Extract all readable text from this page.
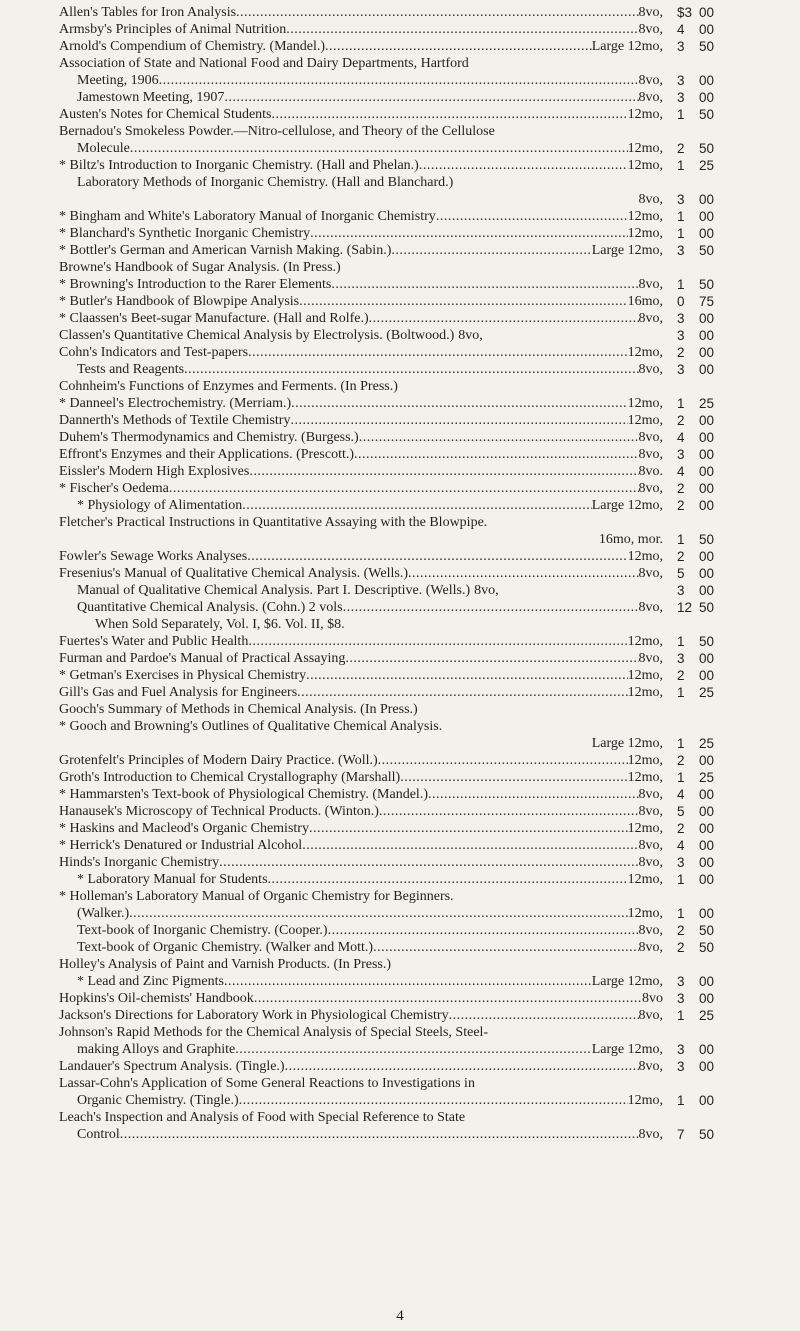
Allen's Tables for Iron Analysis .....	8vo, $3 00
Armsby's Principles of Animal Nutrition .....	8vo, 4 00
Arnold's Compendium of Chemistry. (Mandel.) .....	Large 12mo, 3 50
Association of State and National Food and Dairy Departments, Hartford
Meeting, 1906 .....	8vo, 3 00
Jamestown Meeting, 1907 .....	8vo, 3 00
Austen's Notes for Chemical Students .....	12mo, 1 50
Bernadou's Smokeless Powder.—Nitro-cellulose, and Theory of the Cellulose
Molecule .....	12mo, 2 50
* Biltz's Introduction to Inorganic Chemistry. (Hall and Phelan.) .....	12mo, 1 25
Laboratory Methods of Inorganic Chemistry. (Hall and Blanchard.)
8vo, 3 00
* Bingham and White's Laboratory Manual of Inorganic Chemistry .....	12mo, 1 00
* Blanchard's Synthetic Inorganic Chemistry .....	12mo, 1 00
* Bottler's German and American Varnish Making. (Sabin.) .....	Large 12mo, 3 50
Browne's Handbook of Sugar Analysis. (In Press.)
* Browning's Introduction to the Rarer Elements .....	8vo, 1 50
* Butler's Handbook of Blowpipe Analysis .....	16mo, 0 75
* Claassen's Beet-sugar Manufacture. (Hall and Rolfe.) .....	8vo, 3 00
Classen's Quantitative Chemical Analysis by Electrolysis. (Boltwood.) 8vo,	3 00
Cohn's Indicators and Test-papers .....	12mo, 2 00
Tests and Reagents .....	8vo, 3 00
Cohnheim's Functions of Enzymes and Ferments. (In Press.)
* Danneel's Electrochemistry. (Merriam.) .....	12mo, 1 25
Dannerth's Methods of Textile Chemistry .....	12mo, 2 00
Duhem's Thermodynamics and Chemistry. (Burgess.) .....	8vo, 4 00
Effront's Enzymes and their Applications. (Prescott.) .....	8vo, 3 00
Eissler's Modern High Explosives .....	8vo. 4 00
* Fischer's Oedema .....	8vo, 2 00
* Physiology of Alimentation .....	Large 12mo, 2 00
Fletcher's Practical Instructions in Quantitative Assaying with the Blowpipe.
16mo, mor. 1 50
Fowler's Sewage Works Analyses .....	12mo, 2 00
Fresenius's Manual of Qualitative Chemical Analysis. (Wells.) .....	8vo, 5 00
Manual of Qualitative Chemical Analysis. Part I. Descriptive. (Wells.) 8vo,	3 00
Quantitative Chemical Analysis. (Cohn.) 2 vols .....	8vo, 12 50
When Sold Separately, Vol. I, $6. Vol. II, $8.
Fuertes's Water and Public Health .....	12mo, 1 50
Furman and Pardoe's Manual of Practical Assaying .....	8vo, 3 00
* Getman's Exercises in Physical Chemistry .....	12mo, 2 00
Gill's Gas and Fuel Analysis for Engineers .....	12mo, 1 25
Gooch's Summary of Methods in Chemical Analysis. (In Press.)
* Gooch and Browning's Outlines of Qualitative Chemical Analysis.
Large 12mo, 1 25
Grotenfelt's Principles of Modern Dairy Practice. (Woll.) .....	12mo, 2 00
Groth's Introduction to Chemical Crystallography (Marshall) .....	12mo, 1 25
* Hammarsten's Text-book of Physiological Chemistry. (Mandel.) .....	8vo, 4 00
Hanausek's Microscopy of Technical Products. (Winton.) .....	8vo, 5 00
* Haskins and Macleod's Organic Chemistry .....	12mo, 2 00
* Herrick's Denatured or Industrial Alcohol .....	8vo, 4 00
Hinds's Inorganic Chemistry .....	8vo, 3 00
* Laboratory Manual for Students .....	12mo, 1 00
* Holleman's Laboratory Manual of Organic Chemistry for Beginners.
(Walker.) .....	12mo, 1 00
Text-book of Inorganic Chemistry. (Cooper.) .....	8vo, 2 50
Text-book of Organic Chemistry. (Walker and Mott.) .....	8vo, 2 50
Holley's Analysis of Paint and Varnish Products. (In Press.)
* Lead and Zinc Pigments .....	Large 12mo, 3 00
Hopkins's Oil-chemists' Handbook .....	8vo 3 00
Jackson's Directions for Laboratory Work in Physiological Chemistry .....	8vo, 1 25
Johnson's Rapid Methods for the Chemical Analysis of Special Steels, Steel-
making Alloys and Graphite .....	Large 12mo, 3 00
Landauer's Spectrum Analysis. (Tingle.) .....	8vo, 3 00
Lassar-Cohn's Application of Some General Reactions to Investigations in
Organic Chemistry. (Tingle.) .....	12mo, 1 00
Leach's Inspection and Analysis of Food with Special Reference to State
Control .....	8vo, 7 50
4
